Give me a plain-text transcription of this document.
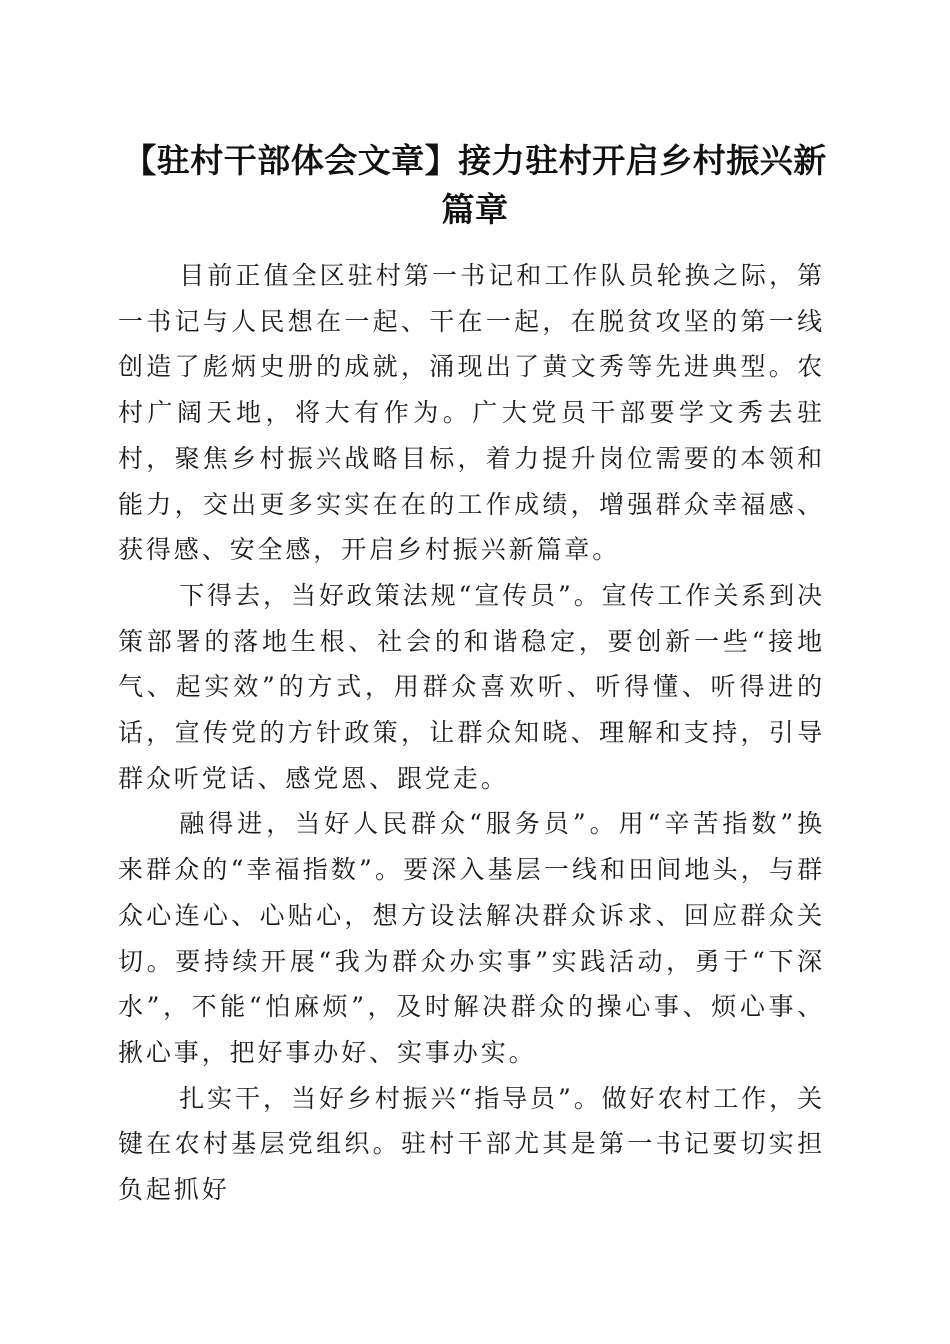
【驻村干部体会文章】接力驻村开启乡村振兴新篇章

目前正值全区驻村第一书记和工作队员轮换之际，第一书记与人民想在一起、干在一起，在脱贫攻坚的第一线创造了彪炳史册的成就，涌现出了黄文秀等先进典型。农村广阔天地，将大有作为。广大党员干部要学文秀去驻村，聚焦乡村振兴战略目标，着力提升岗位需要的本领和能力，交出更多实实在在的工作成绩，增强群众幸福感、获得感、安全感，开启乡村振兴新篇章。

下得去，当好政策法规“宣传员”。宣传工作关系到决策部署的落地生根、社会的和谐稳定，要创新一些“接地气、起实效”的方式，用群众喜欢听、听得懂、听得进的话，宣传党的方针政策，让群众知晓、理解和支持，引导群众听党话、感党恩、跟党走。

融得进，当好人民群众“服务员”。用“辛苦指数”换来群众的“幸福指数”。要深入基层一线和田间地头，与群众心连心、心贴心，想方设法解决群众诉求、回应群众关切。要持续开展“我为群众办实事”实践活动，勇于“下深水”，不能“怕麻烦”，及时解决群众的操心事、烦心事、揪心事，把好事办好、实事办实。

扎实干，当好乡村振兴“指导员”。做好农村工作，关键在农村基层党组织。驻村干部尤其是第一书记要切实担负起抓好
